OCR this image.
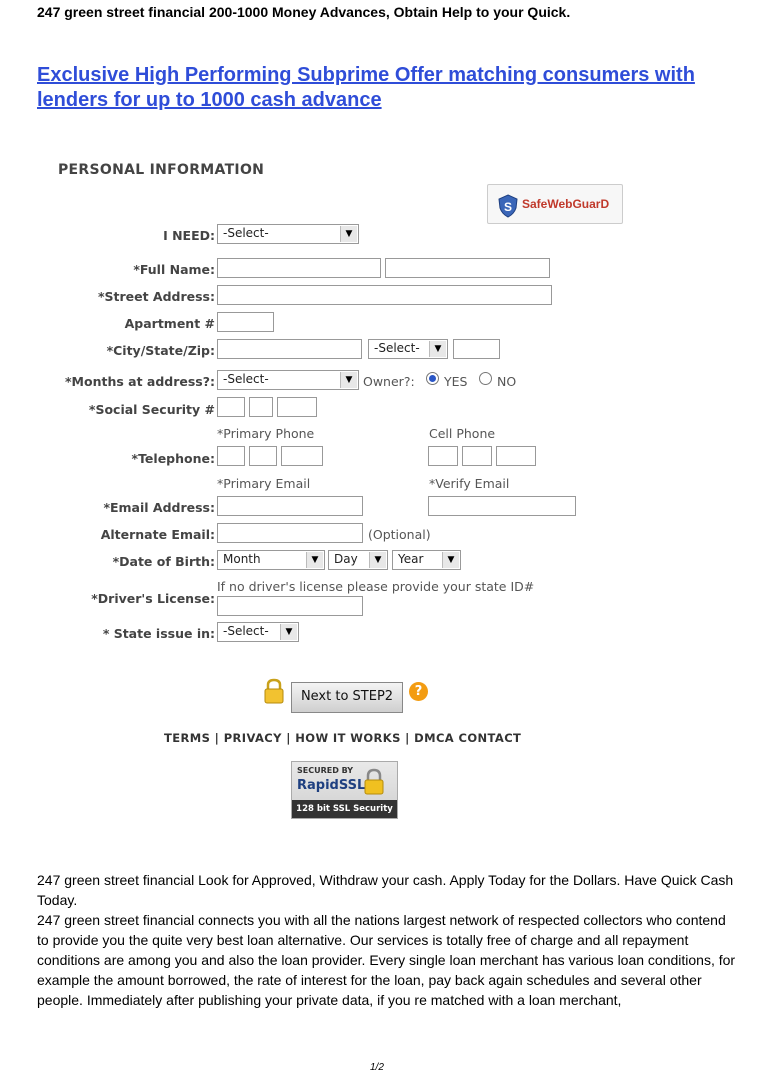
247 green street financial 200-1000 Money Advances, Obtain Help to your Quick.
Exclusive High Performing Subprime Offer matching consumers with lenders for up to 1000 cash advance
PERSONAL INFORMATION
S SafeWebGuarD
I NEED: -Select-	▼
*Full Name:
*Street Address:
Apartment #
*City/State/Zip:	-Select-	▼
*Months at address?: -Select-	▼ Owner?: YES NO
*Social Security #
*Primary Phone	Cell Phone
*Telephone:
*Primary Email	*Verify Email
*Email Address:
Alternate Email:	(Optional)
*Date of Birth: Month	▼	Day	▼	Year	▼
If no driver's license please provide your state ID#
*Driver's License:
* State issue in: -Select-	▼
Next to STEP2	?
TERMS | PRIVACY | HOW IT WORKS | DMCA CONTACT
SECURED BY
RapidSSL
128 bit SSL Security
247 green street financial Look for Approved, Withdraw your cash. Apply Today for the Dollars. Have Quick Cash Today.
247 green street financial connects you with all the nations largest network of respected collectors who contend to provide you the quite very best loan alternative. Our services is totally free of charge and all repayment conditions are among you and also the loan provider. Every single loan merchant has various loan conditions, for example the amount borrowed, the rate of interest for the loan, pay back again schedules and several other people. Immediately after publishing your private data, if you re matched with a loan merchant,
1/2
